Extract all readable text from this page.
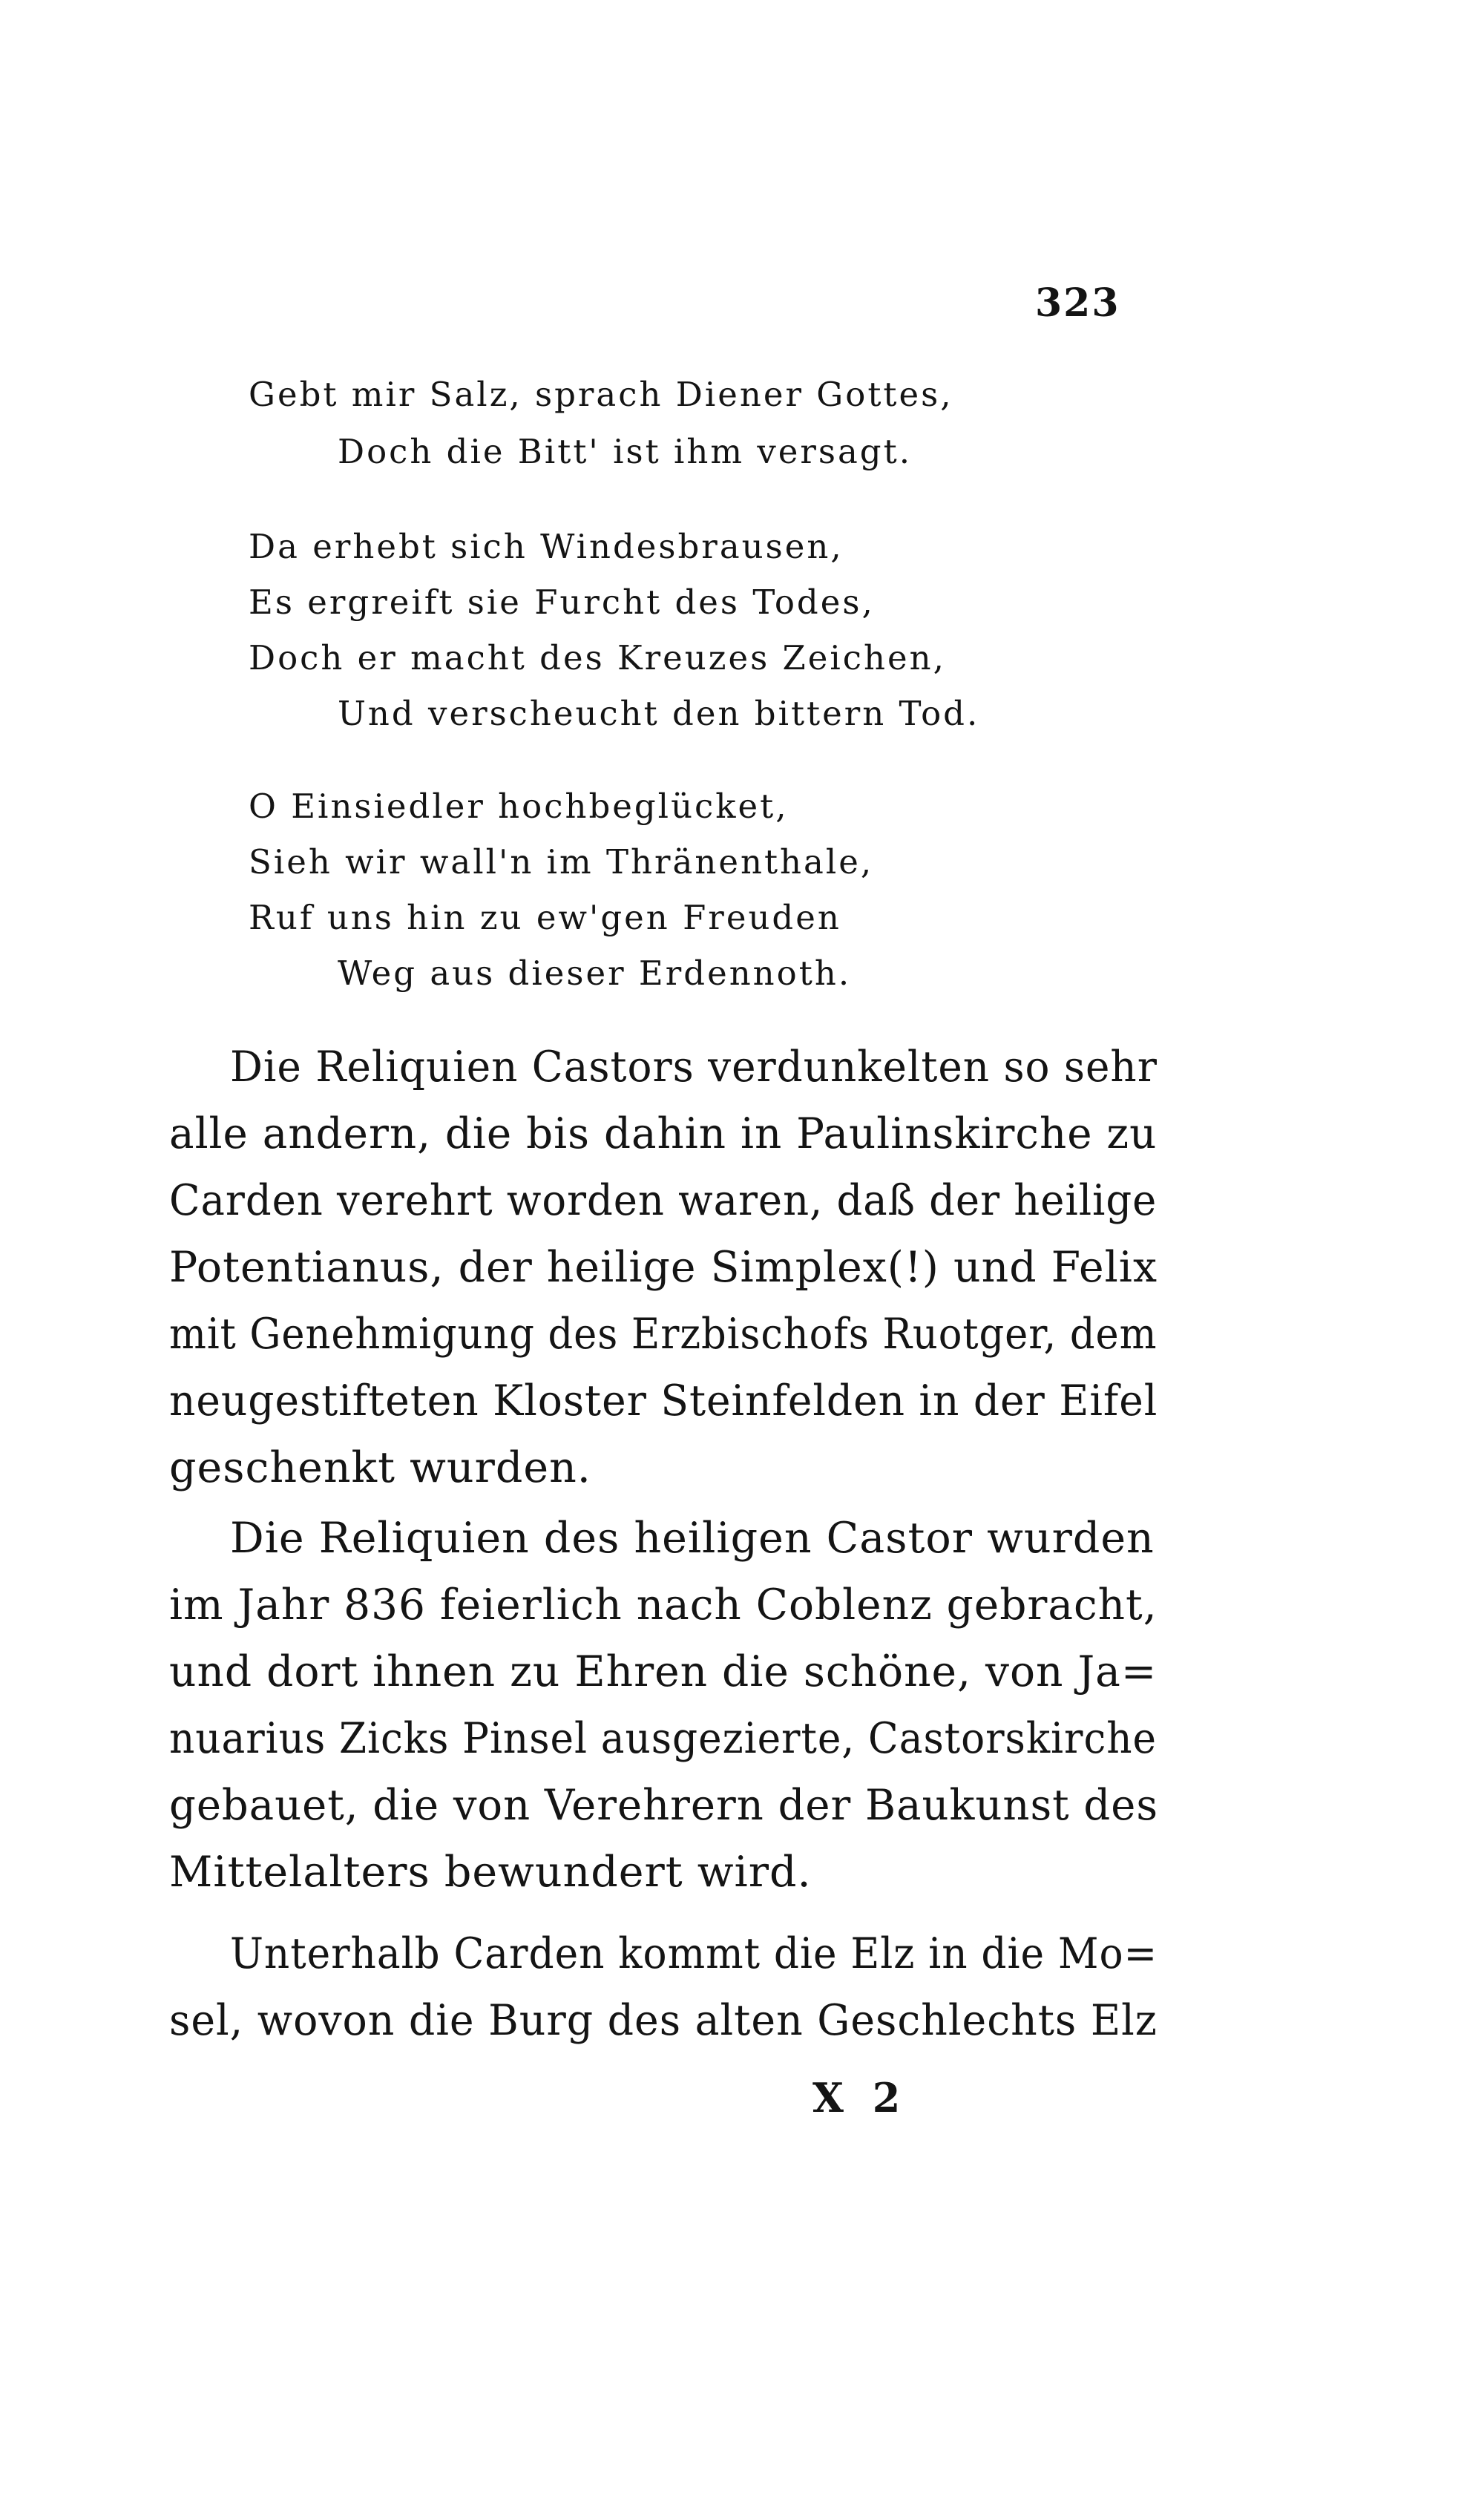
323
Gebt mir Salz, sprach Diener Gottes,
Doch die Bitt' ist ihm versagt.
Da erhebt sich Windesbrausen,
Es ergreift sie Furcht des Todes,
Doch er macht des Kreuzes Zeichen,
Und verscheucht den bittern Tod.
O Einsiedler hochbeglücket,
Sieh wir wall'n im Thränenthale,
Ruf uns hin zu ew'gen Freuden
Weg aus dieser Erdennoth.
Die Reliquien Castors verdunkelten so sehr
alle andern, die bis dahin in Paulinskirche zu
Carden verehrt worden waren, daß der heilige
Potentianus, der heilige Simplex(!) und Felix
mit Genehmigung des Erzbischofs Ruotger, dem
neugestifteten Kloster Steinfelden in der Eifel
geschenkt wurden.
Die Reliquien des heiligen Castor wurden
im Jahr 836 feierlich nach Coblenz gebracht,
und dort ihnen zu Ehren die schöne, von Ja=
nuarius Zicks Pinsel ausgezierte, Castorskirche
gebauet, die von Verehrern der Baukunst des
Mittelalters bewundert wird.
Unterhalb Carden kommt die Elz in die Mo=
sel, wovon die Burg des alten Geschlechts Elz
X 2
